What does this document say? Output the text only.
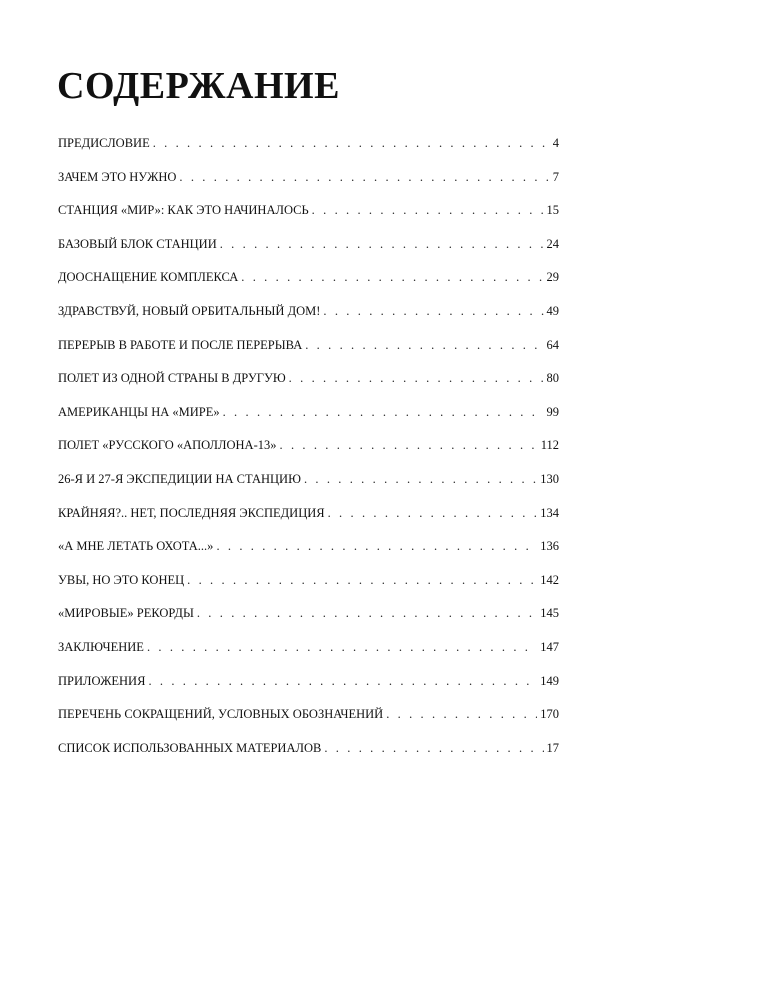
СОДЕРЖАНИЕ
ПРЕДИСЛОВИЕ . . .	4
ЗАЧЕМ ЭТО НУЖНО . . .	7
СТАНЦИЯ «МИР»: КАК ЭТО НАЧИНАЛОСЬ . . .	15
БАЗОВЫЙ БЛОК СТАНЦИИ . . .	24
ДООСНАЩЕНИЕ КОМПЛЕКСА . . .	29
ЗДРАВСТВУЙ, НОВЫЙ ОРБИТАЛЬНЫЙ ДОМ! . . .	49
ПЕРЕРЫВ В РАБОТЕ И ПОСЛЕ ПЕРЕРЫВА . . .	64
ПОЛЕТ ИЗ ОДНОЙ СТРАНЫ В ДРУГУЮ . . .	80
АМЕРИКАНЦЫ НА «МИРЕ» . . .	99
ПОЛЕТ «РУССКОГО «АПОЛЛОНА-13» . . .	112
26-Я И 27-Я ЭКСПЕДИЦИИ НА СТАНЦИЮ . . .	130
КРАЙНЯЯ?.. НЕТ, ПОСЛЕДНЯЯ ЭКСПЕДИЦИЯ . . .	134
«А МНЕ ЛЕТАТЬ ОХОТА...» . . .	136
УВЫ, НО ЭТО КОНЕЦ . . .	142
«МИРОВЫЕ» РЕКОРДЫ . . .	145
ЗАКЛЮЧЕНИЕ . . .	147
ПРИЛОЖЕНИЯ . . .	149
ПЕРЕЧЕНЬ СОКРАЩЕНИЙ, УСЛОВНЫХ ОБОЗНАЧЕНИЙ . . .	170
СПИСОК ИСПОЛЬЗОВАННЫХ МАТЕРИАЛОВ . . .	17
